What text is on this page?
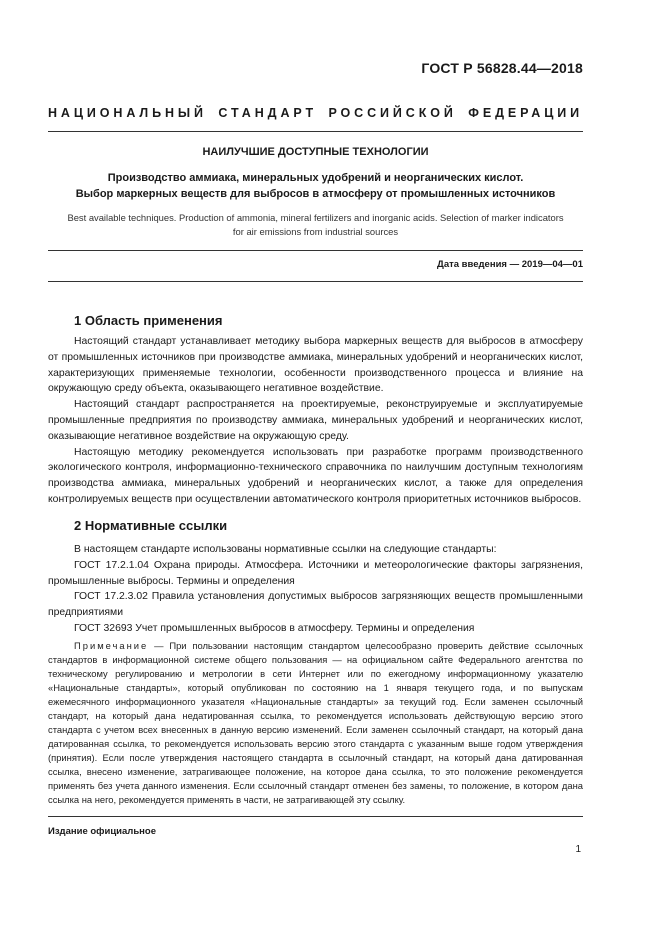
ГОСТ Р 56828.44—2018
НАЦИОНАЛЬНЫЙ СТАНДАРТ РОССИЙСКОЙ ФЕДЕРАЦИИ
НАИЛУЧШИЕ ДОСТУПНЫЕ ТЕХНОЛОГИИ
Производство аммиака, минеральных удобрений и неорганических кислот.
Выбор маркерных веществ для выбросов в атмосферу от промышленных источников
Best available techniques. Production of ammonia, mineral fertilizers and inorganic acids. Selection of marker indicators
for air emissions from industrial sources
Дата введения — 2019—04—01
1 Область применения

Настоящий стандарт устанавливает методику выбора маркерных веществ для выбросов в атмосферу от промышленных источников при производстве аммиака, минеральных удобрений и неорганических кислот, характеризующих применяемые технологии, особенности производственного процесса и влияние на окружающую среду объекта, оказывающего негативное воздействие.

Настоящий стандарт распространяется на проектируемые, реконструируемые и эксплуатируемые промышленные предприятия по производству аммиака, минеральных удобрений и неорганических кислот, оказывающие негативное воздействие на окружающую среду.

Настоящую методику рекомендуется использовать при разработке программ производственного экологического контроля, информационно-технического справочника по наилучшим доступным технологиям производства аммиака, минеральных удобрений и неорганических кислот, а также для определения контролируемых веществ при осуществлении автоматического контроля приоритетных источников выбросов.

2 Нормативные ссылки

В настоящем стандарте использованы нормативные ссылки на следующие стандарты:

ГОСТ 17.2.1.04 Охрана природы. Атмосфера. Источники и метеорологические факторы загрязнения, промышленные выбросы. Термины и определения

ГОСТ 17.2.3.02 Правила установления допустимых выбросов загрязняющих веществ промышленными предприятиями

ГОСТ 32693 Учет промышленных выбросов в атмосферу. Термины и определения

Примечание — При пользовании настоящим стандартом целесообразно проверить действие ссылочных стандартов в информационной системе общего пользования — на официальном сайте Федерального агентства по техническому регулированию и метрологии в сети Интернет или по ежегодному информационному указателю «Национальные стандарты», который опубликован по состоянию на 1 января текущего года, и по выпускам ежемесячного информационного указателя «Национальные стандарты» за текущий год. Если заменен ссылочный стандарт, на который дана недатированная ссылка, то рекомендуется использовать действующую версию этого стандарта с учетом всех внесенных в данную версию изменений. Если заменен ссылочный стандарт, на который дана датированная ссылка, то рекомендуется использовать версию этого стандарта с указанным выше годом утверждения (принятия). Если после утверждения настоящего стандарта в ссылочный стандарт, на который дана датированная ссылка, внесено изменение, затрагивающее положение, на которое дана ссылка, то это положение рекомендуется применять без учета данного изменения. Если ссылочный стандарт отменен без замены, то положение, в котором дана ссылка на него, рекомендуется применять в части, не затрагивающей эту ссылку.

Издание официальное
1
